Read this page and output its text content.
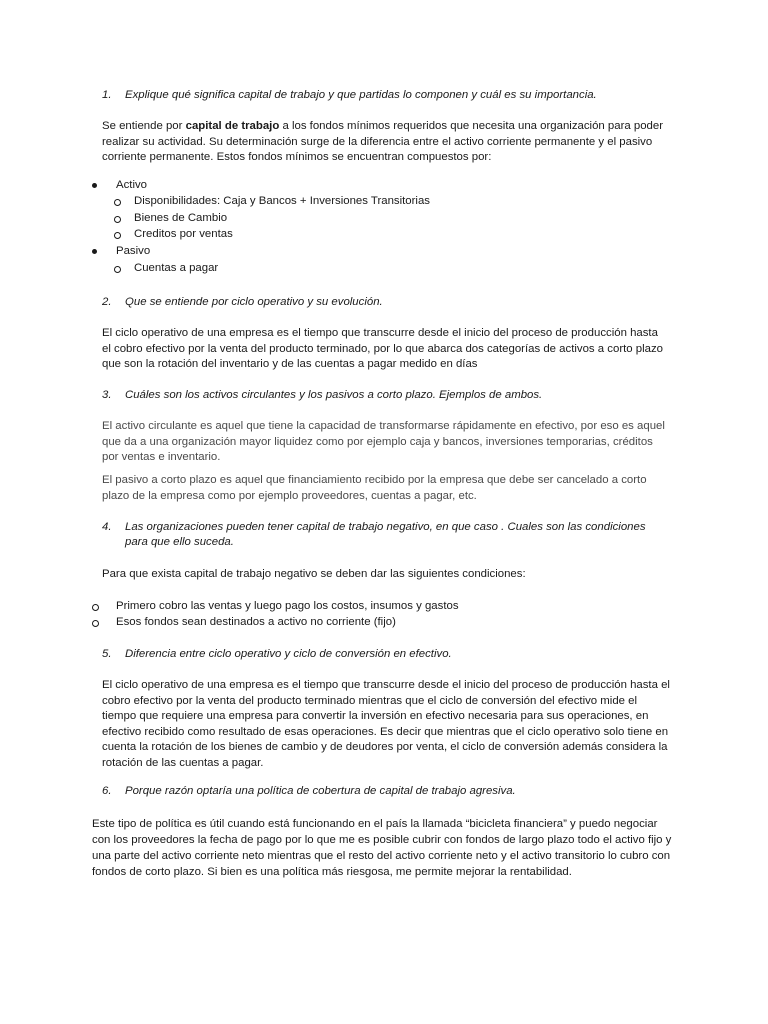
1.	Explique qué significa capital de trabajo y que partidas lo componen y cuál es su importancia.
Se entiende por capital de trabajo a los fondos mínimos requeridos que necesita una organización para poder realizar su actividad. Su determinación surge de la diferencia entre el activo corriente permanente y el pasivo corriente permanente. Estos fondos mínimos se encuentran compuestos por:
Activo
Disponibilidades: Caja y Bancos + Inversiones Transitorias
Bienes de Cambio
Creditos por ventas
Pasivo
Cuentas a pagar
2.	Que se entiende por ciclo operativo y su evolución.
El ciclo operativo de una empresa es el tiempo que transcurre desde el inicio del proceso de producción hasta el cobro efectivo por la venta del producto terminado, por lo que abarca dos categorías de activos a corto plazo que son la rotación del inventario y de las cuentas a pagar medido en días
3.	Cuáles son los activos circulantes y los pasivos a corto plazo. Ejemplos de ambos.
El activo circulante es aquel que tiene la capacidad de transformarse rápidamente en efectivo, por eso es aquel que da a una organización mayor liquidez como por ejemplo caja y bancos, inversiones temporarias, créditos por ventas e inventario.
El pasivo a corto plazo es aquel que financiamiento recibido por la empresa que debe ser cancelado a corto plazo de la empresa como por ejemplo proveedores, cuentas a pagar, etc.
4.	Las organizaciones pueden tener capital de trabajo negativo, en que caso . Cuales son las condiciones para que ello suceda.
Para que exista capital de trabajo negativo se deben dar las siguientes condiciones:
Primero cobro las ventas y luego pago los costos, insumos y gastos
Esos fondos sean destinados a activo no corriente (fijo)
5.	Diferencia entre ciclo operativo y ciclo de conversión en efectivo.
El ciclo operativo de una empresa es el tiempo que transcurre desde el inicio del proceso de producción hasta el cobro efectivo por la venta del producto terminado mientras que el ciclo de conversión del efectivo mide el tiempo que requiere una empresa para convertir la inversión en efectivo necesaria para sus operaciones, en efectivo recibido como resultado de esas operaciones. Es decir que mientras que el ciclo operativo solo tiene en cuenta la rotación de los bienes de cambio y de deudores por venta, el ciclo de conversión además considera la rotación de las cuentas a pagar.
6.	Porque razón optaría una política de cobertura de capital de trabajo agresiva.
Este tipo de política es útil cuando está funcionando en el país la llamada “bicicleta financiera” y puedo negociar con los proveedores la fecha de pago por lo que me es posible cubrir con fondos de largo plazo todo el activo fijo y una parte del activo corriente neto mientras que el resto del activo corriente neto y el activo transitorio lo cubro con fondos de corto plazo. Si bien es una política más riesgosa, me permite mejorar la rentabilidad.
